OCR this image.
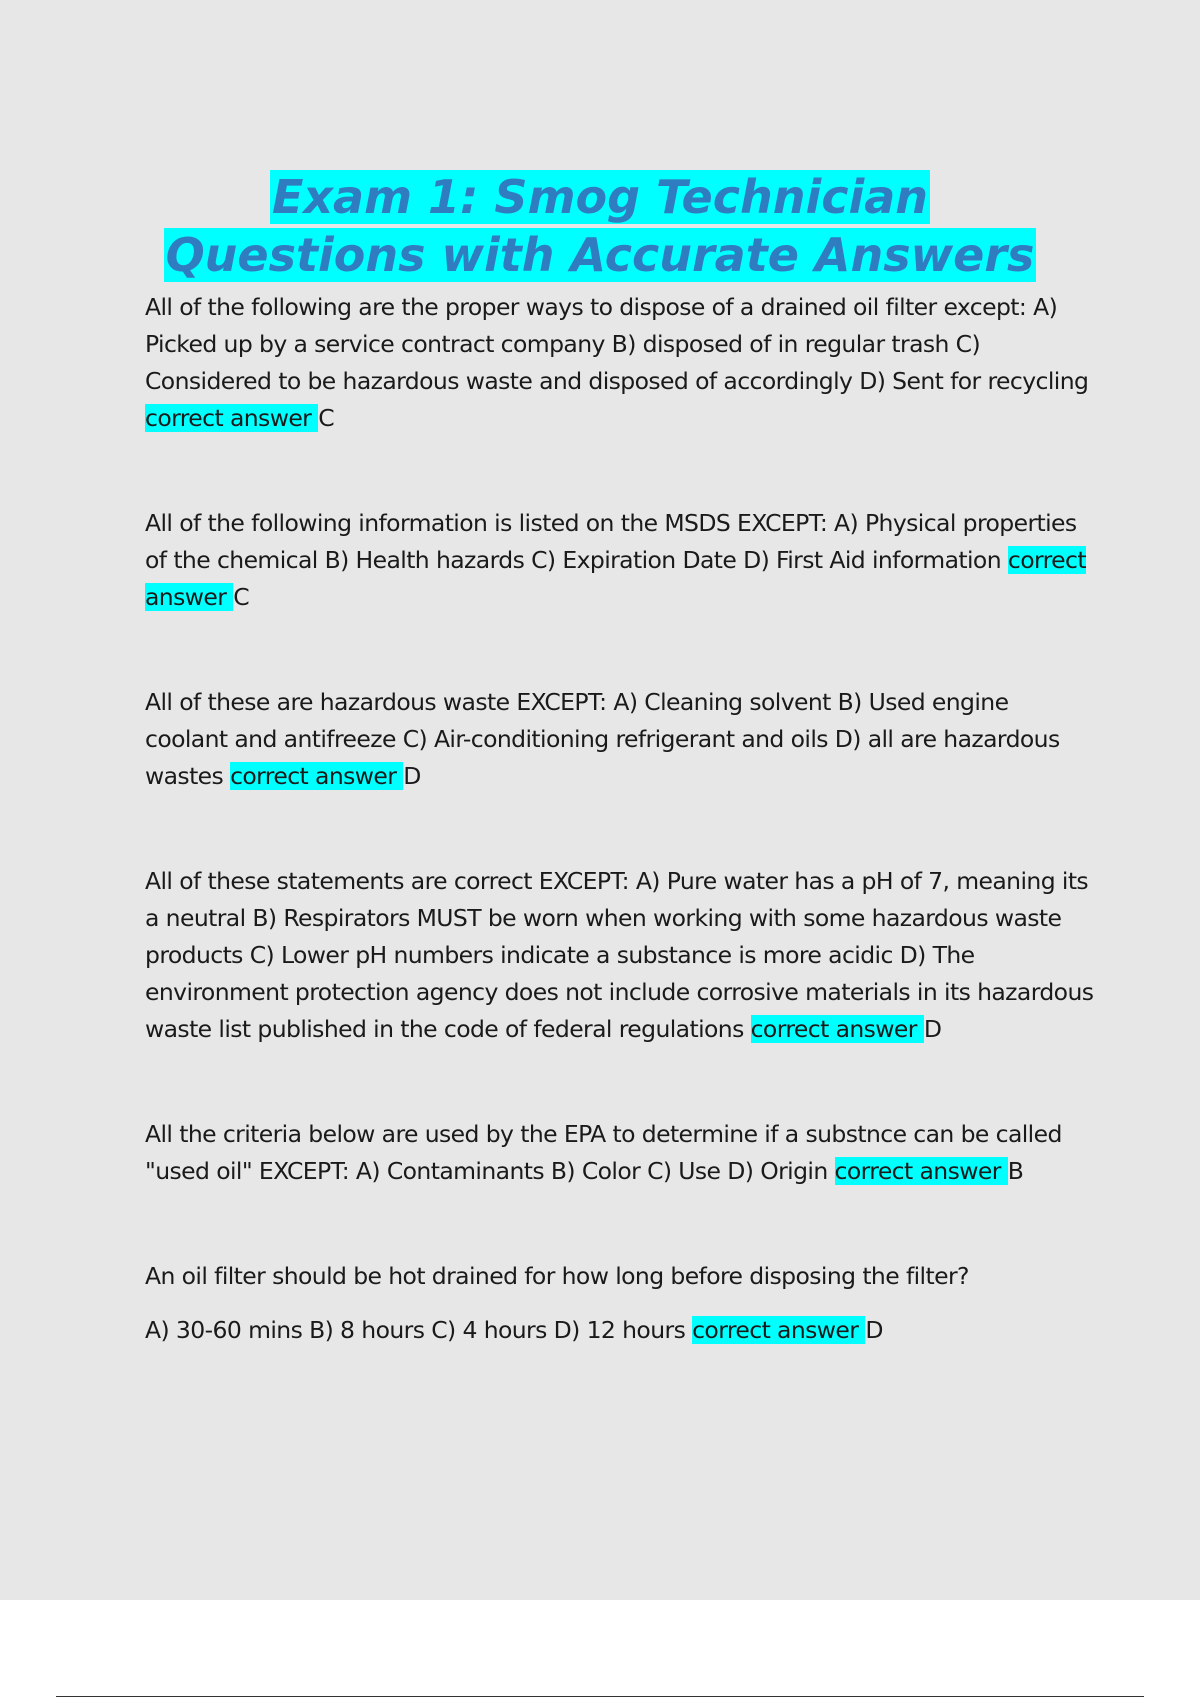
Exam 1: Smog Technician
Questions with Accurate Answers

All of the following are the proper ways to dispose of a drained oil filter except: A) Picked up by a service contract company B) disposed of in regular trash C) Considered to be hazardous waste and disposed of accordingly D) Sent for recycling correct answer C

All of the following information is listed on the MSDS EXCEPT: A) Physical properties of the chemical B) Health hazards C) Expiration Date D) First Aid information correct answer C

All of these are hazardous waste EXCEPT: A) Cleaning solvent B) Used engine coolant and antifreeze C) Air-conditioning refrigerant and oils D) all are hazardous wastes correct answer D

All of these statements are correct EXCEPT: A) Pure water has a pH of 7, meaning its a neutral B) Respirators MUST be worn when working with some hazardous waste products C) Lower pH numbers indicate a substance is more acidic D) The environment protection agency does not include corrosive materials in its hazardous waste list published in the code of federal regulations correct answer D

All the criteria below are used by the EPA to determine if a substnce can be called "used oil" EXCEPT: A) Contaminants B) Color C) Use D) Origin correct answer B

An oil filter should be hot drained for how long before disposing the filter?
A) 30-60 mins B) 8 hours C) 4 hours D) 12 hours correct answer D
